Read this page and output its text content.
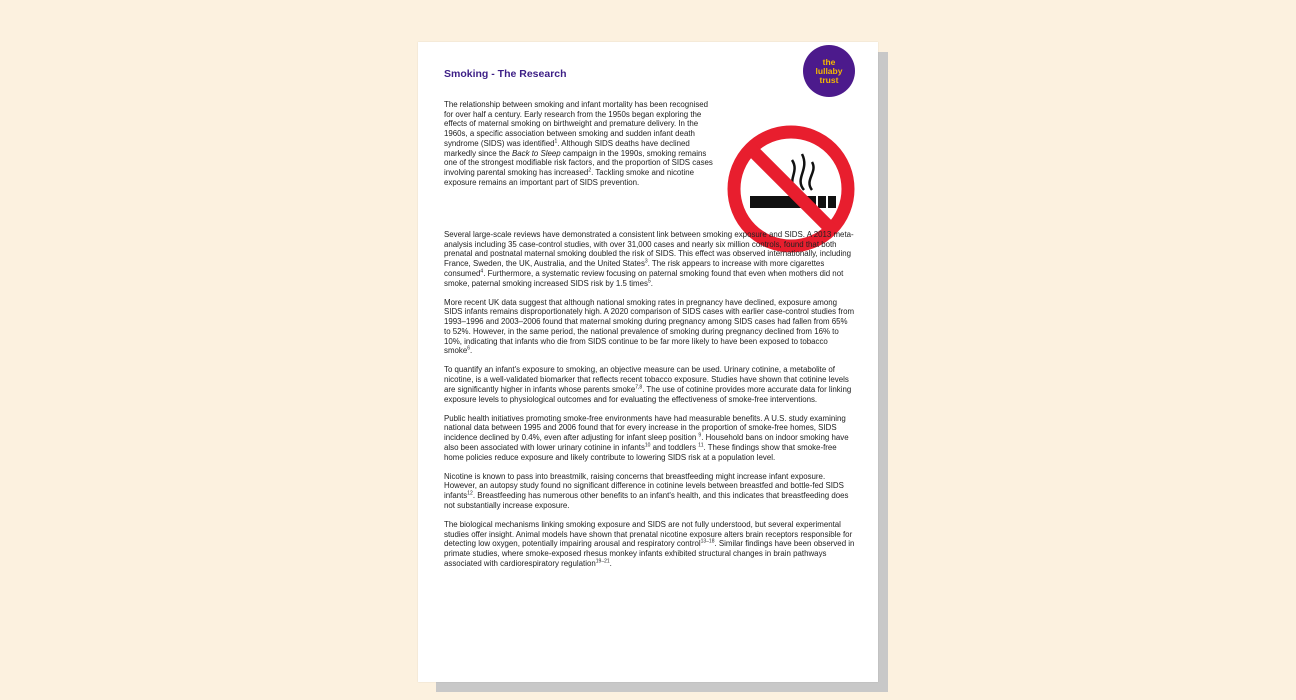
Smoking - The Research
the
lullaby
trust
The relationship between smoking and infant mortality has been recognised for over half a century. Early research from the 1950s began exploring the effects of maternal smoking on birthweight and premature delivery. In the 1960s, a specific association between smoking and sudden infant death syndrome (SIDS) was identified$^1$. Although SIDS deaths have declined markedly since the Back to Sleep campaign in the 1990s, smoking remains one of the strongest modifiable risk factors, and the proportion of SIDS cases involving parental smoking has increased$^2$. Tackling smoke and nicotine exposure remains an important part of SIDS prevention.

Several large-scale reviews have demonstrated a consistent link between smoking exposure and SIDS. A 2013 meta-analysis including 35 case-control studies, with over 31,000 cases and nearly six million controls, found that both prenatal and postnatal maternal smoking doubled the risk of SIDS. This effect was observed internationally, including France, Sweden, the UK, Australia, and the United States$^3$. The risk appears to increase with more cigarettes consumed$^4$. Furthermore, a systematic review focusing on paternal smoking found that even when mothers did not smoke, paternal smoking increased SIDS risk by 1.5 times$^5$.

More recent UK data suggest that although national smoking rates in pregnancy have declined, exposure among SIDS infants remains disproportionately high. A 2020 comparison of SIDS cases with earlier case-control studies from 1993–1996 and 2003–2006 found that maternal smoking during pregnancy among SIDS cases had fallen from 65% to 52%. However, in the same period, the national prevalence of smoking during pregnancy declined from 16% to 10%, indicating that infants who die from SIDS continue to be far more likely to have been exposed to tobacco smoke$^6$.

To quantify an infant's exposure to smoking, an objective measure can be used. Urinary cotinine, a metabolite of nicotine, is a well-validated biomarker that reflects recent tobacco exposure. Studies have shown that cotinine levels are significantly higher in infants whose parents smoke$^{7,8}$. The use of cotinine provides more accurate data for linking exposure levels to physiological outcomes and for evaluating the effectiveness of smoke-free interventions.

Public health initiatives promoting smoke-free environments have had measurable benefits. A U.S. study examining national data between 1995 and 2006 found that for every increase in the proportion of smoke-free homes, SIDS incidence declined by 0.4%, even after adjusting for infant sleep position $^9$. Household bans on indoor smoking have also been associated with lower urinary cotinine in infants$^{10}$ and toddlers $^{11}$. These findings show that smoke-free home policies reduce exposure and likely contribute to lowering SIDS risk at a population level.

Nicotine is known to pass into breastmilk, raising concerns that breastfeeding might increase infant exposure. However, an autopsy study found no significant difference in cotinine levels between breastfed and bottle-fed SIDS infants$^{12}$. Breastfeeding has numerous other benefits to an infant's health, and this indicates that breastfeeding does not substantially increase exposure.

The biological mechanisms linking smoking exposure and SIDS are not fully understood, but several experimental studies offer insight. Animal models have shown that prenatal nicotine exposure alters brain receptors responsible for detecting low oxygen, potentially impairing arousal and respiratory control$^{13-18}$. Similar findings have been observed in primate studies, where smoke-exposed rhesus monkey infants exhibited structural changes in brain pathways associated with cardiorespiratory regulation$^{19-21}$.
